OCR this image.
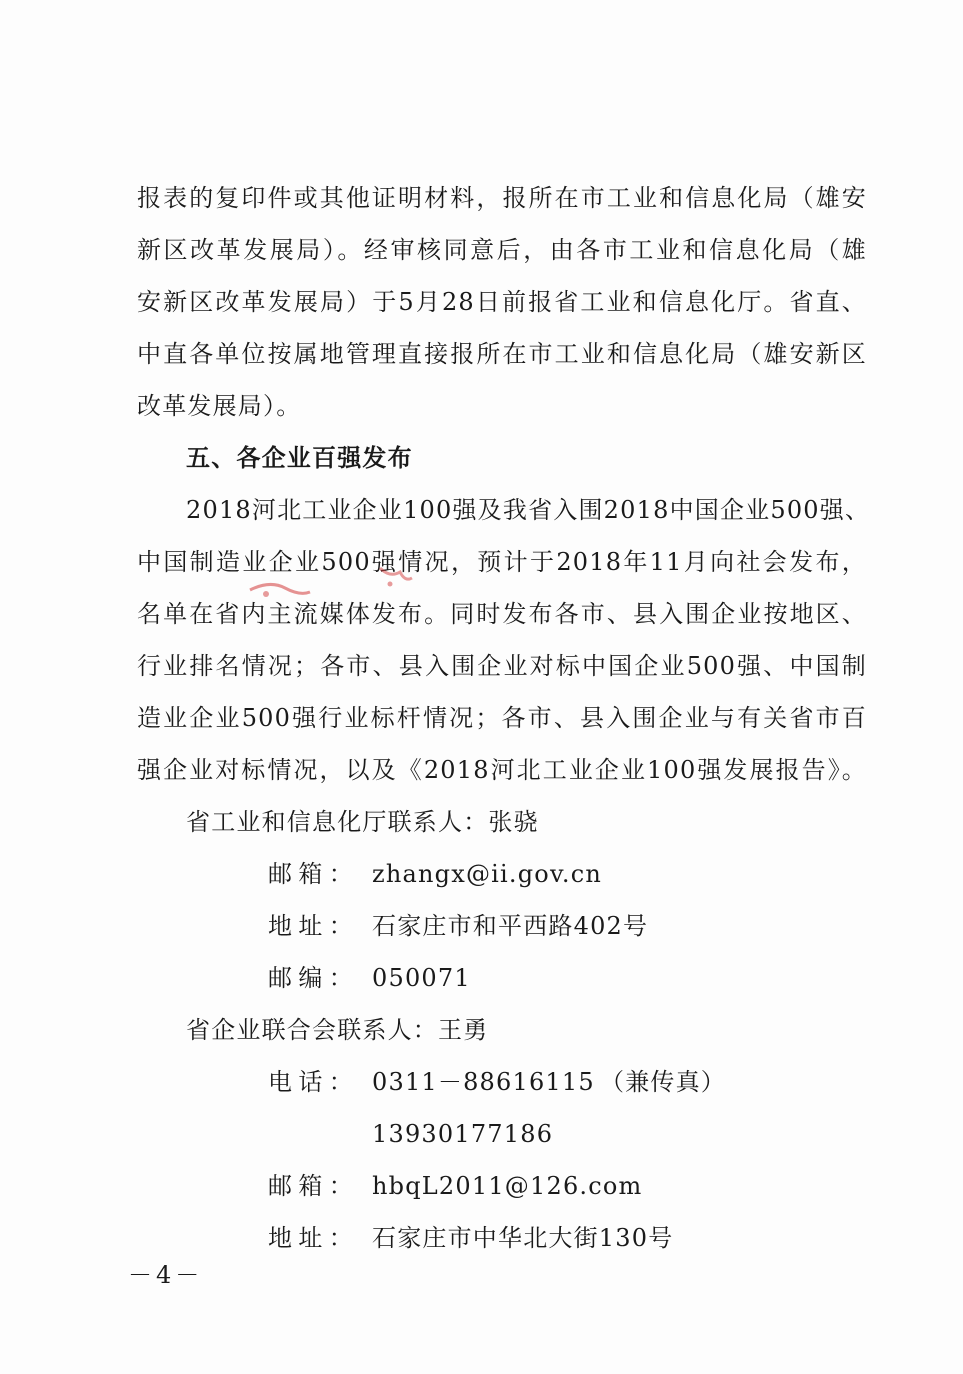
报表的复印件或其他证明材料，报所在市工业和信息化局（雄安
新区改革发展局）。经审核同意后，由各市工业和信息化局（雄
安新区改革发展局）于5月28日前报省工业和信息化厅。省直、
中直各单位按属地管理直接报所在市工业和信息化局（雄安新区
改革发展局）。
五、各企业百强发布
2018河北工业企业100强及我省入围2018中国企业500强、
中国制造业企业500强情况，预计于2018年11月向社会发布，
名单在省内主流媒体发布。同时发布各市、县入围企业按地区、
行业排名情况；各市、县入围企业对标中国企业500强、中国制
造业企业500强行业标杆情况；各市、县入围企业与有关省市百
强企业对标情况，以及《2018河北工业企业100强发展报告》。
省工业和信息化厅联系人：张骁
邮箱： zhangx@ii.gov.cn
地址： 石家庄市和平西路402号
邮编： 050071
省企业联合会联系人：王勇
电话： 0311－88616115 （兼传真）
13930177186
邮箱： hbqL2011@126.com
地址： 石家庄市中华北大街130号
－4－
